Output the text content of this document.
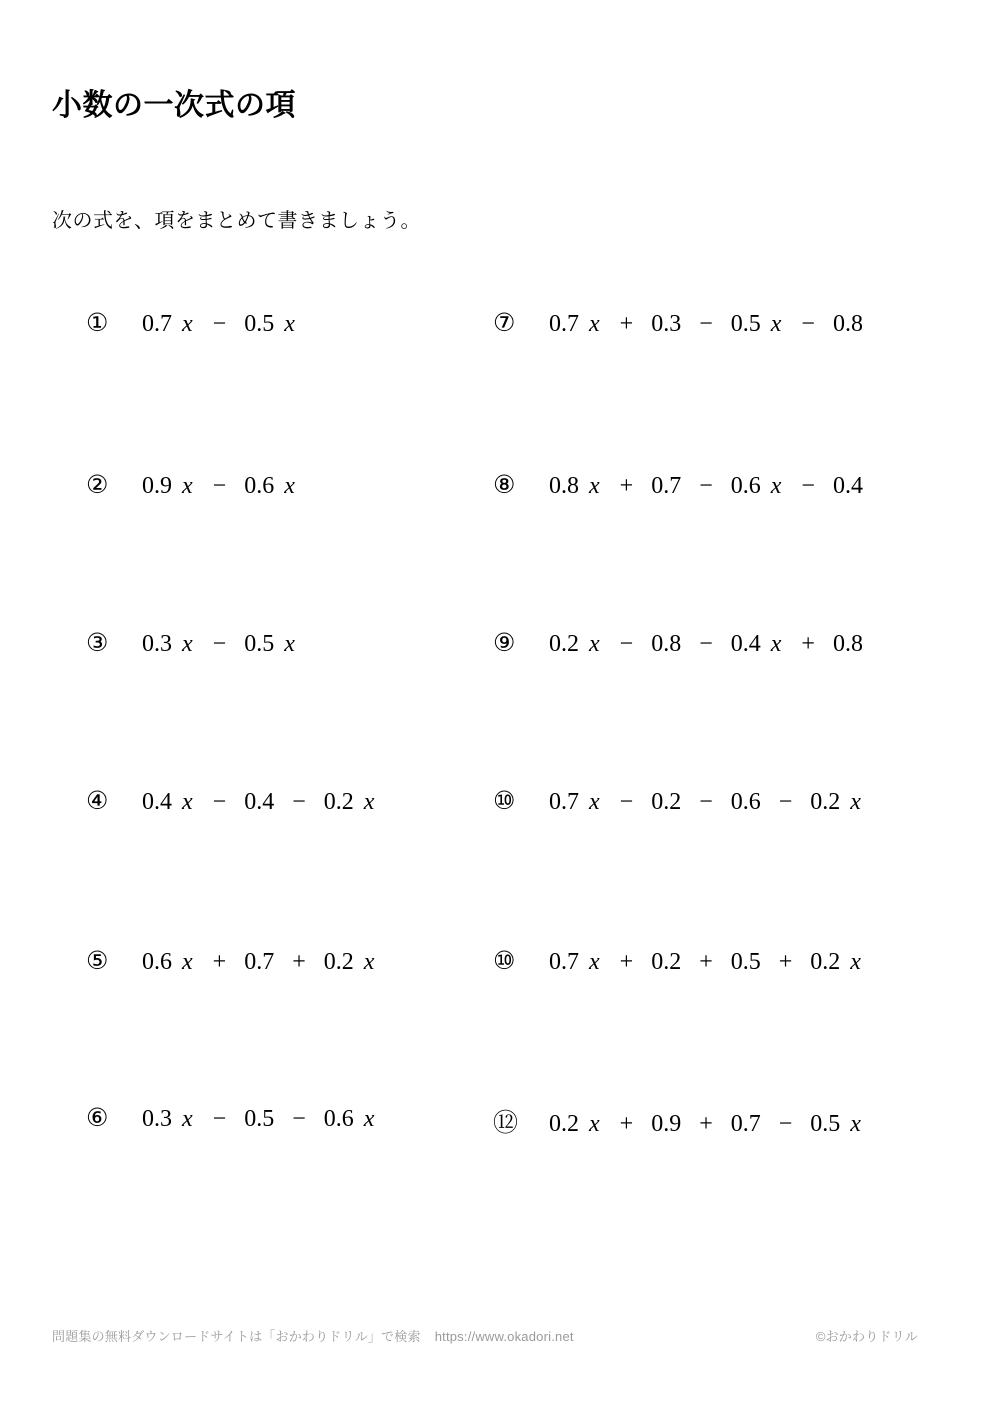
小数の一次式の項

次の式を、項をまとめて書きましょう。

①	0.7 x − 0.5 x
②	0.9 x − 0.6 x
③	0.3 x − 0.5 x
④	0.4 x − 0.4 − 0.2 x
⑤	0.6 x + 0.7 + 0.2 x
⑥	0.3 x − 0.5 − 0.6 x
⑦	0.7 x + 0.3 − 0.5 x − 0.8
⑧	0.8 x + 0.7 − 0.6 x − 0.4
⑨	0.2 x − 0.8 − 0.4 x + 0.8
⑩	0.7 x − 0.2 − 0.6 − 0.2 x
⑩	0.7 x + 0.2 + 0.5 + 0.2 x
⑫ 0.2 x + 0.9 + 0.7 − 0.5 x
問題集の無料ダウンロードサイトは「おかわりドリル」で検索 https://www.okadori.net	©おかわりドリル
